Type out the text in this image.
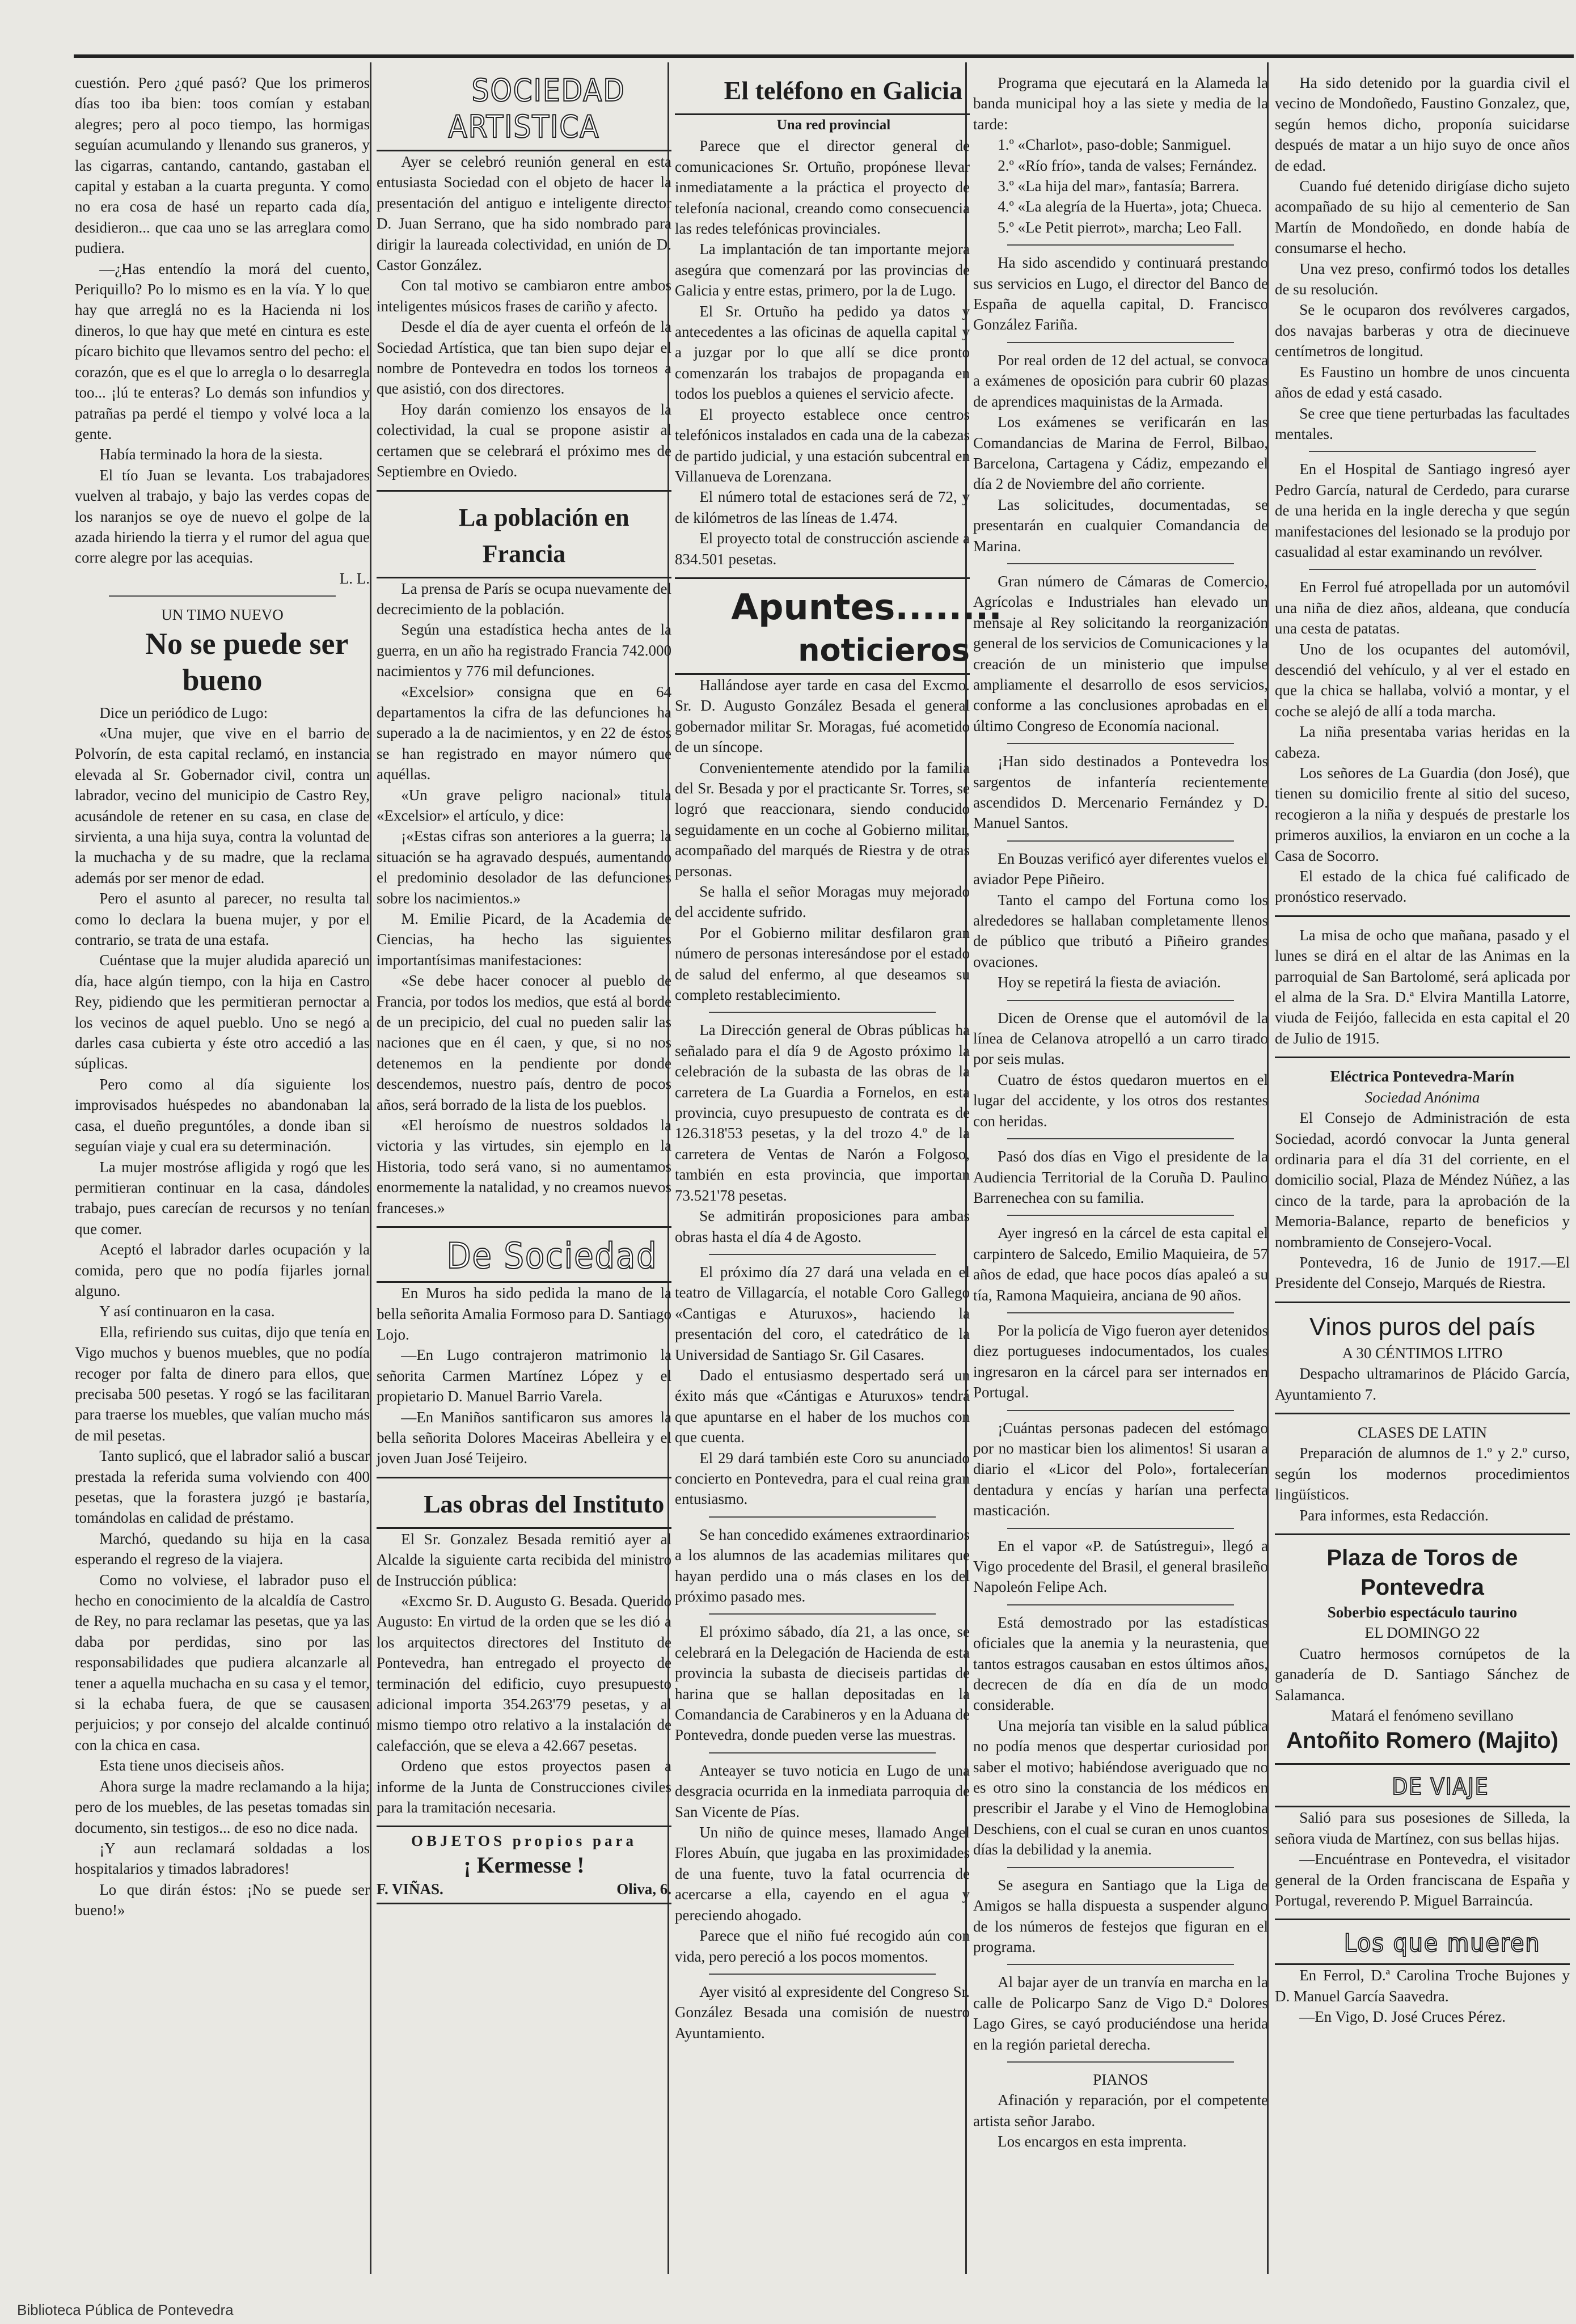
cuestión. Pero ¿qué pasó? Que los primeros días too iba bien: toos comían y estaban alegres; pero al poco tiempo, las hormigas seguían acumulando y llenando sus graneros, y las cigarras, cantando, cantando, gastaban el capital y estaban a la cuarta pregunta. Y como no era cosa de hasé un reparto cada día, desidieron... que caa uno se las arreglara como pudiera.

—¿Has entendío la morá del cuento, Periquillo? Po lo mismo es en la vía. Y lo que hay que arreglá no es la Hacienda ni los dineros, lo que hay que meté en cintura es este pícaro bichito que llevamos sentro del pecho: el corazón, que es el que lo arregla o lo desarregla too... ¡lú te enteras? Lo demás son infundios y patrañas pa perdé el tiempo y volvé loca a la gente.

Había terminado la hora de la siesta.

El tío Juan se levanta. Los trabajadores vuelven al trabajo, y bajo las verdes copas de los naranjos se oye de nuevo el golpe de la azada hiriendo la tierra y el rumor del agua que corre alegre por las acequias.

L. L.

UN TIMO NUEVO

No se puede ser bueno

Dice un periódico de Lugo:

«Una mujer, que vive en el barrio de Polvorín, de esta capital reclamó, en instancia elevada al Sr. Gobernador civil, contra un labrador, vecino del municipio de Castro Rey, acusándole de retener en su casa, en clase de sirvienta, a una hija suya, contra la voluntad de la muchacha y de su madre, que la reclama además por ser menor de edad.

Pero el asunto al parecer, no resulta tal como lo declara la buena mujer, y por el contrario, se trata de una estafa.

Cuéntase que la mujer aludida apareció un día, hace algún tiempo, con la hija en Castro Rey, pidiendo que les permitieran pernoctar a los vecinos de aquel pueblo. Uno se negó a darles casa cubierta y éste otro accedió a las súplicas.

Pero como al día siguiente los improvisados huéspedes no abandonaban la casa, el dueño preguntóles, a donde iban si seguían viaje y cual era su determinación.

La mujer mostróse afligida y rogó que les permitieran continuar en la casa, dándoles trabajo, pues carecían de recursos y no tenían que comer.

Aceptó el labrador darles ocupación y la comida, pero que no podía fijarles jornal alguno.

Y así continuaron en la casa.

Ella, refiriendo sus cuitas, dijo que tenía en Vigo muchos y buenos muebles, que no podía recoger por falta de dinero para ellos, que precisaba 500 pesetas. Y rogó se las facilitaran para traerse los muebles, que valían mucho más de mil pesetas.

Tanto suplicó, que el labrador salió a buscar prestada la referida suma volviendo con 400 pesetas, que la forastera juzgó ¡e bastaría, tomándolas en calidad de préstamo.

Marchó, quedando su hija en la casa esperando el regreso de la viajera.

Como no volviese, el labrador puso el hecho en conocimiento de la alcaldía de Castro de Rey, no para reclamar las pesetas, que ya las daba por perdidas, sino por las responsabilidades que pudiera alcanzarle al tener a aquella muchacha en su casa y el temor, si la echaba fuera, de que se causasen perjuicios; y por consejo del alcalde continuó con la chica en casa.

Esta tiene unos dieciseis años.

Ahora surge la madre reclamando a la hija; pero de los muebles, de las pesetas tomadas sin documento, sin testigos... de eso no dice nada.

¡Y aun reclamará soldadas a los hospitalarios y timados labradores!

Lo que dirán éstos: ¡No se puede ser bueno!»

SOCIEDAD ARTISTICA

Ayer se celebró reunión general en esta entusiasta Sociedad con el objeto de hacer la presentación del antiguo e inteligente director D. Juan Serrano, que ha sido nombrado para dirigir la laureada colectividad, en unión de D. Castor González.

Con tal motivo se cambiaron entre ambos inteligentes músicos frases de cariño y afecto.

Desde el día de ayer cuenta el orfeón de la Sociedad Artística, que tan bien supo dejar el nombre de Pontevedra en todos los torneos a que asistió, con dos directores.

Hoy darán comienzo los ensayos de la colectividad, la cual se propone asistir al certamen que se celebrará el próximo mes de Septiembre en Oviedo.

La población en Francia

La prensa de París se ocupa nuevamente del decrecimiento de la población.

Según una estadística hecha antes de la guerra, en un año ha registrado Francia 742.000 nacimientos y 776 mil defunciones.

«Excelsior» consigna que en 64 departamentos la cifra de las defunciones ha superado a la de nacimientos, y en 22 de éstos se han registrado en mayor número que aquéllas.

«Un grave peligro nacional» titula «Excelsior» el artículo, y dice:

¡«Estas cifras son anteriores a la guerra; la situación se ha agravado después, aumentando el predominio desolador de las defunciones sobre los nacimientos.»

M. Emilie Picard, de la Academia de Ciencias, ha hecho las siguientes importantísimas manifestaciones:

«Se debe hacer conocer al pueblo de Francia, por todos los medios, que está al borde de un precipicio, del cual no pueden salir las naciones que en él caen, y que, si no nos detenemos en la pendiente por donde descendemos, nuestro país, dentro de pocos años, será borrado de la lista de los pueblos.

«El heroísmo de nuestros soldados la victoria y las virtudes, sin ejemplo en la Historia, todo será vano, si no aumentamos enormemente la natalidad, y no creamos nuevos franceses.»

De Sociedad

En Muros ha sido pedida la mano de la bella señorita Amalia Formoso para D. Santiago Lojo.

—En Lugo contrajeron matrimonio la señorita Carmen Martínez López y el propietario D. Manuel Barrio Varela.

—En Maniños santificaron sus amores la bella señorita Dolores Maceiras Abelleira y el joven Juan José Teijeiro.

Las obras del Instituto

El Sr. Gonzalez Besada remitió ayer al Alcalde la siguiente carta recibida del ministro de Instrucción pública:

«Excmo Sr. D. Augusto G. Besada. Querido Augusto: En virtud de la orden que se les dió a los arquitectos directores del Instituto de Pontevedra, han entregado el proyecto de terminación del edificio, cuyo presupuesto adicional importa 354.263'79 pesetas, y al mismo tiempo otro relativo a la instalación de calefacción, que se eleva a 42.667 pesetas.

Ordeno que estos proyectos pasen a informe de la Junta de Construcciones civiles para la tramitación necesaria.

OBJETOS propios para

¡ Kermesse !

F. VIÑAS.	Oliva, 6.

El teléfono en Galicia

Una red provincial

Parece que el director general de comunicaciones Sr. Ortuño, propónese llevar inmediatamente a la práctica el proyecto de telefonía nacional, creando como consecuencia las redes telefónicas provinciales.

La implantación de tan importante mejora asegúra que comenzará por las provincias de Galicia y entre estas, primero, por la de Lugo.

El Sr. Ortuño ha pedido ya datos y antecedentes a las oficinas de aquella capital y a juzgar por lo que allí se dice pronto comenzarán los trabajos de propaganda en todos los pueblos a quienes el servicio afecte.

El proyecto establece once centros telefónicos instalados en cada una de la cabezas de partido judicial, y una estación subcentral en Villanueva de Lorenzana.

El número total de estaciones será de 72, y de kilómetros de las líneas de 1.474.

El proyecto total de construcción asciende a 834.501 pesetas.

Apuntes........

noticieros

Hallándose ayer tarde en casa del Excmo. Sr. D. Augusto González Besada el general gobernador militar Sr. Moragas, fué acometido de un síncope.

Convenientemente atendido por la familia del Sr. Besada y por el practicante Sr. Torres, se logró que reaccionara, siendo conducido seguidamente en un coche al Gobierno militar, acompañado del marqués de Riestra y de otras personas.

Se halla el señor Moragas muy mejorado del accidente sufrido.

Por el Gobierno militar desfilaron gran número de personas interesándose por el estado de salud del enfermo, al que deseamos su completo restablecimiento.

La Dirección general de Obras públicas ha señalado para el día 9 de Agosto próximo la celebración de la subasta de las obras de la carretera de La Guardia a Fornelos, en esta provincia, cuyo presupuesto de contrata es de 126.318'53 pesetas, y la del trozo 4.º de la carretera de Ventas de Narón a Folgoso, también en esta provincia, que importan 73.521'78 pesetas.

Se admitirán proposiciones para ambas obras hasta el día 4 de Agosto.

El próximo día 27 dará una velada en el teatro de Villagarcía, el notable Coro Gallego «Cantigas e Aturuxos», haciendo la presentación del coro, el catedrático de la Universidad de Santiago Sr. Gil Casares.

Dado el entusiasmo despertado será un éxito más que «Cántigas e Aturuxos» tendrá que apuntarse en el haber de los muchos con que cuenta.

El 29 dará también este Coro su anunciado concierto en Pontevedra, para el cual reina gran entusiasmo.

Se han concedido exámenes extraordinarios a los alumnos de las academias militares que hayan perdido una o más clases en los del próximo pasado mes.

El próximo sábado, día 21, a las once, se celebrará en la Delegación de Hacienda de esta provincia la subasta de dieciseis partidas de harina que se hallan depositadas en la Comandancia de Carabineros y en la Aduana de Pontevedra, donde pueden verse las muestras.

Anteayer se tuvo noticia en Lugo de una desgracia ocurrida en la inmediata parroquia de San Vicente de Pías.

Un niño de quince meses, llamado Angel Flores Abuín, que jugaba en las proximidades de una fuente, tuvo la fatal ocurrencia de acercarse a ella, cayendo en el agua y pereciendo ahogado.

Parece que el niño fué recogido aún con vida, pero pereció a los pocos momentos.

Ayer visitó al expresidente del Congreso Sr. González Besada una comisión de nuestro Ayuntamiento.

Programa que ejecutará en la Alameda la banda municipal hoy a las siete y media de la tarde:

1.º «Charlot», paso-doble; Sanmiguel.

2.º «Río frío», tanda de valses; Fernández.

3.º «La hija del mar», fantasía; Barrera.

4.º «La alegría de la Huerta», jota; Chueca.

5.º «Le Petit pierrot», marcha; Leo Fall.

Ha sido ascendido y continuará prestando sus servicios en Lugo, el director del Banco de España de aquella capital, D. Francisco González Fariña.

Por real orden de 12 del actual, se convoca a exámenes de oposición para cubrir 60 plazas de aprendices maquinistas de la Armada.

Los exámenes se verificarán en las Comandancias de Marina de Ferrol, Bilbao, Barcelona, Cartagena y Cádiz, empezando el día 2 de Noviembre del año corriente.

Las solicitudes, documentadas, se presentarán en cualquier Comandancia de Marina.

Gran número de Cámaras de Comercio, Agrícolas e Industriales han elevado un mensaje al Rey solicitando la reorganización general de los servicios de Comunicaciones y la creación de un ministerio que impulse ampliamente el desarrollo de esos servicios, conforme a las conclusiones aprobadas en el último Congreso de Economía nacional.

¡Han sido destinados a Pontevedra los sargentos de infantería recientemente ascendidos D. Mercenario Fernández y D. Manuel Santos.

En Bouzas verificó ayer diferentes vuelos el aviador Pepe Piñeiro.

Tanto el campo del Fortuna como los alrededores se hallaban completamente llenos de público que tributó a Piñeiro grandes ovaciones.

Hoy se repetirá la fiesta de aviación.

Dicen de Orense que el automóvil de la línea de Celanova atropelló a un carro tirado por seis mulas.

Cuatro de éstos quedaron muertos en el lugar del accidente, y los otros dos restantes con heridas.

Pasó dos días en Vigo el presidente de la Audiencia Territorial de la Coruña D. Paulino Barrenechea con su familia.

Ayer ingresó en la cárcel de esta capital el carpintero de Salcedo, Emilio Maquieira, de 57 años de edad, que hace pocos días apaleó a su tía, Ramona Maquieira, anciana de 90 años.

Por la policía de Vigo fueron ayer detenidos diez portugueses indocumentados, los cuales ingresaron en la cárcel para ser internados en Portugal.

¡Cuántas personas padecen del estómago por no masticar bien los alimentos! Si usaran a diario el «Licor del Polo», fortalecerían dentadura y encías y harían una perfecta masticación.

En el vapor «P. de Satústregui», llegó a Vigo procedente del Brasil, el general brasileño Napoleón Felipe Ach.

Está demostrado por las estadísticas oficiales que la anemia y la neurastenia, que tantos estragos causaban en estos últimos años, decrecen de día en día de un modo considerable.

Una mejoría tan visible en la salud pública no podía menos que despertar curiosidad por saber el motivo; habiéndose averiguado que no es otro sino la constancia de los médicos en prescribir el Jarabe y el Vino de Hemoglobina Deschiens, con el cual se curan en unos cuantos días la debilidad y la anemia.

Se asegura en Santiago que la Liga de Amigos se halla dispuesta a suspender alguno de los números de festejos que figuran en el programa.

Al bajar ayer de un tranvía en marcha en la calle de Policarpo Sanz de Vigo D.ª Dolores Lago Gires, se cayó produciéndose una herida en la región parietal derecha.

PIANOS

Afinación y reparación, por el competente artista señor Jarabo.

Los encargos en esta imprenta.

Ha sido detenido por la guardia civil el vecino de Mondoñedo, Faustino Gonzalez, que, según hemos dicho, proponía suicidarse después de matar a un hijo suyo de once años de edad.

Cuando fué detenido dirigíase dicho sujeto acompañado de su hijo al cementerio de San Martín de Mondoñedo, en donde había de consumarse el hecho.

Una vez preso, confirmó todos los detalles de su resolución.

Se le ocuparon dos revólveres cargados, dos navajas barberas y otra de diecinueve centímetros de longitud.

Es Faustino un hombre de unos cincuenta años de edad y está casado.

Se cree que tiene perturbadas las facultades mentales.

En el Hospital de Santiago ingresó ayer Pedro García, natural de Cerdedo, para curarse de una herida en la ingle derecha y que según manifestaciones del lesionado se la produjo por casualidad al estar examinando un revólver.

En Ferrol fué atropellada por un automóvil una niña de diez años, aldeana, que conducía una cesta de patatas.

Uno de los ocupantes del automóvil, descendió del vehículo, y al ver el estado en que la chica se hallaba, volvió a montar, y el coche se alejó de allí a toda marcha.

La niña presentaba varias heridas en la cabeza.

Los señores de La Guardia (don José), que tienen su domicilio frente al sitio del suceso, recogieron a la niña y después de prestarle los primeros auxilios, la enviaron en un coche a la Casa de Socorro.

El estado de la chica fué calificado de pronóstico reservado.

La misa de ocho que mañana, pasado y el lunes se dirá en el altar de las Animas en la parroquial de San Bartolomé, será aplicada por el alma de la Sra. D.ª Elvira Mantilla Latorre, viuda de Feijóo, fallecida en esta capital el 20 de Julio de 1915.

Eléctrica Pontevedra-Marín

Sociedad Anónima

El Consejo de Administración de esta Sociedad, acordó convocar la Junta general ordinaria para el día 31 del corriente, en el domicilio social, Plaza de Méndez Núñez, a las cinco de la tarde, para la aprobación de la Memoria-Balance, reparto de beneficios y nombramiento de Consejero-Vocal.

Pontevedra, 16 de Junio de 1917.—El Presidente del Consejo, Marqués de Riestra.

Vinos puros del país

A 30 CÉNTIMOS LITRO

Despacho ultramarinos de Plácido García, Ayuntamiento 7.

CLASES DE LATIN

Preparación de alumnos de 1.º y 2.º curso, según los modernos procedimientos lingüísticos.

Para informes, esta Redacción.

Plaza de Toros de Pontevedra

Soberbio espectáculo taurino

EL DOMINGO 22

Cuatro hermosos cornúpetos de la ganadería de D. Santiago Sánchez de Salamanca.

Matará el fenómeno sevillano

Antoñito Romero (Majito)

DE VIAJE

Salió para sus posesiones de Silleda, la señora viuda de Martínez, con sus bellas hijas.

—Encuéntrase en Pontevedra, el visitador general de la Orden franciscana de España y Portugal, reverendo P. Miguel Barraincúa.

Los que mueren

En Ferrol, D.ª Carolina Troche Bujones y D. Manuel García Saavedra.

—En Vigo, D. José Cruces Pérez.

Biblioteca Pública de Pontevedra
